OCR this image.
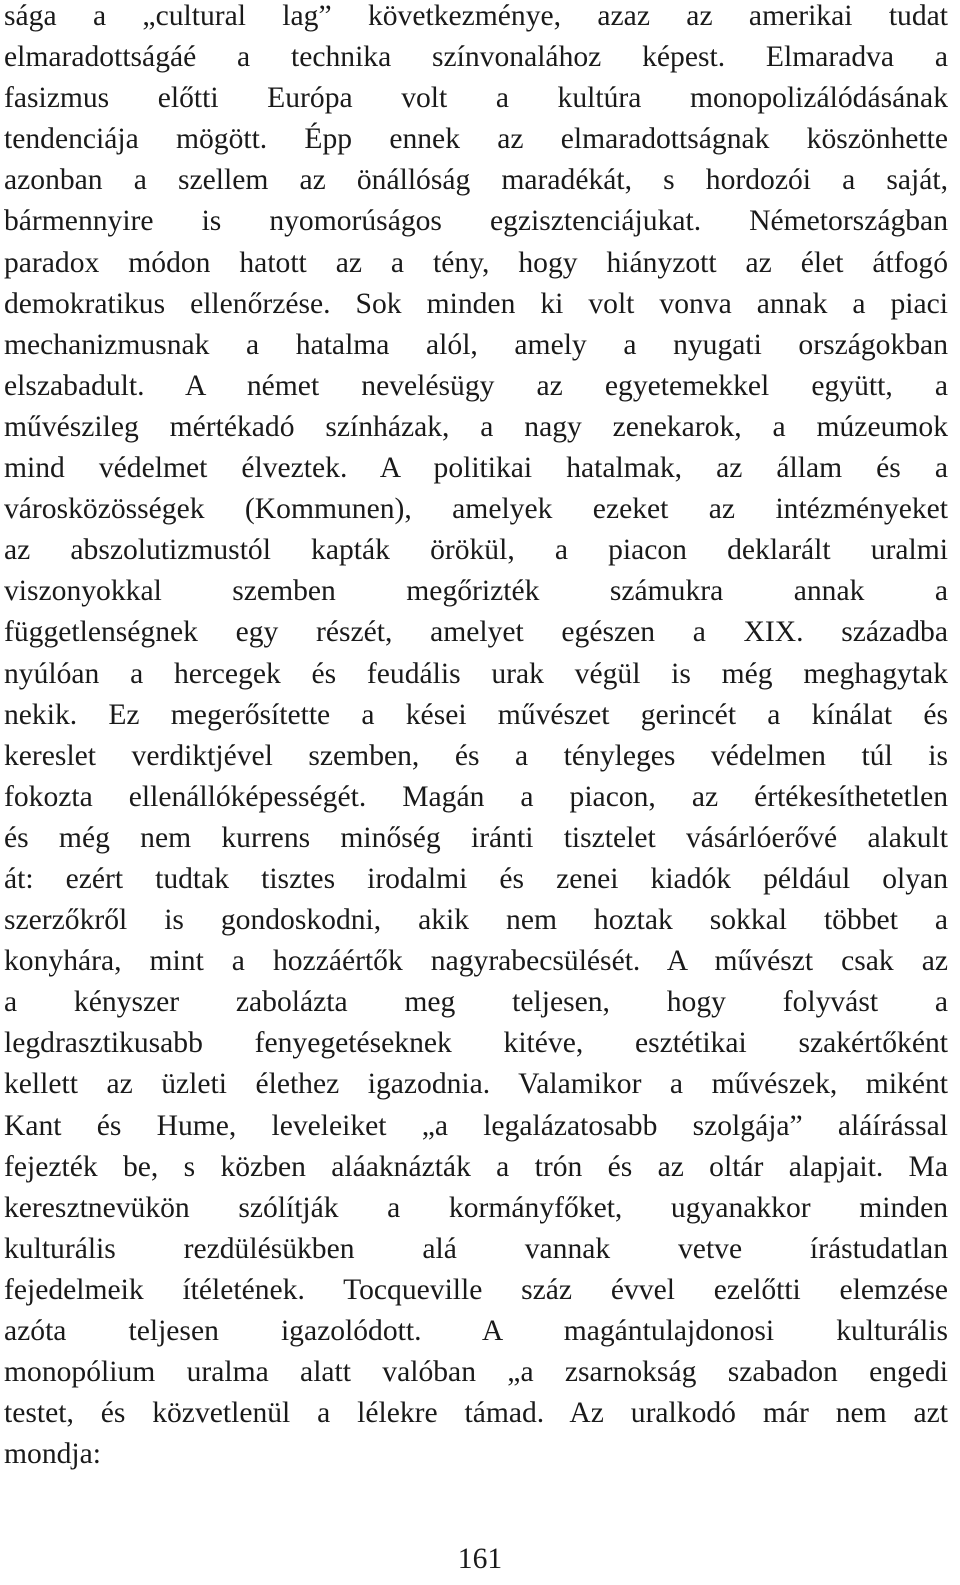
sága a „cultural lag” következménye, azaz az amerikai tudat
elmaradottságáé a technika színvonalához képest. Elmaradva a
fasizmus előtti Európa volt a kultúra monopolizálódásának
tendenciája mögött. Épp ennek az elmaradottságnak köszönhette
azonban a szellem az önállóság maradékát, s hordozói a saját,
bármennyire is nyomorúságos egzisztenciájukat. Németországban
paradox módon hatott az a tény, hogy hiányzott az élet átfogó
demokratikus ellenőrzése. Sok minden ki volt vonva annak a piaci
mechanizmusnak a hatalma alól, amely a nyugati országokban
elszabadult. A német nevelésügy az egyetemekkel együtt, a
művészileg mértékadó színházak, a nagy zenekarok, a múzeumok
mind védelmet élveztek. A politikai hatalmak, az állam és a
városközösségek (Kommunen), amelyek ezeket az intézményeket
az abszolutizmustól kapták örökül, a piacon deklarált uralmi
viszonyokkal szemben megőrizték számukra annak a
függetlenségnek egy részét, amelyet egészen a XIX. századba
nyúlóan a hercegek és feudális urak végül is még meghagytak
nekik. Ez megerősítette a kései művészet gerincét a kínálat és
kereslet verdiktjével szemben, és a tényleges védelmen túl is
fokozta ellenállóképességét. Magán a piacon, az értékesíthetetlen
és még nem kurrens minőség iránti tisztelet vásárlóerővé alakult
át: ezért tudtak tisztes irodalmi és zenei kiadók például olyan
szerzőkről is gondoskodni, akik nem hoztak sokkal többet a
konyhára, mint a hozzáértők nagyrabecsülését. A művészt csak az
a kényszer zabolázta meg teljesen, hogy folyvást a
legdrasztikusabb fenyegetéseknek kitéve, esztétikai szakértőként
kellett az üzleti élethez igazodnia. Valamikor a művészek, miként
Kant és Hume, leveleiket „a legalázatosabb szolgája” aláírással
fejezték be, s közben aláaknázták a trón és az oltár alapjait. Ma
keresztnevükön szólítják a kormányfőket, ugyanakkor minden
kulturális rezdülésükben alá vannak vetve írástudatlan
fejedelmeik ítéletének. Tocqueville száz évvel ezelőtti elemzése
azóta teljesen igazolódott. A magántulajdonosi kulturális
monopólium uralma alatt valóban „a zsarnokság szabadon engedi
testet, és közvetlenül a lélekre támad. Az uralkodó már nem azt
mondja:
161
